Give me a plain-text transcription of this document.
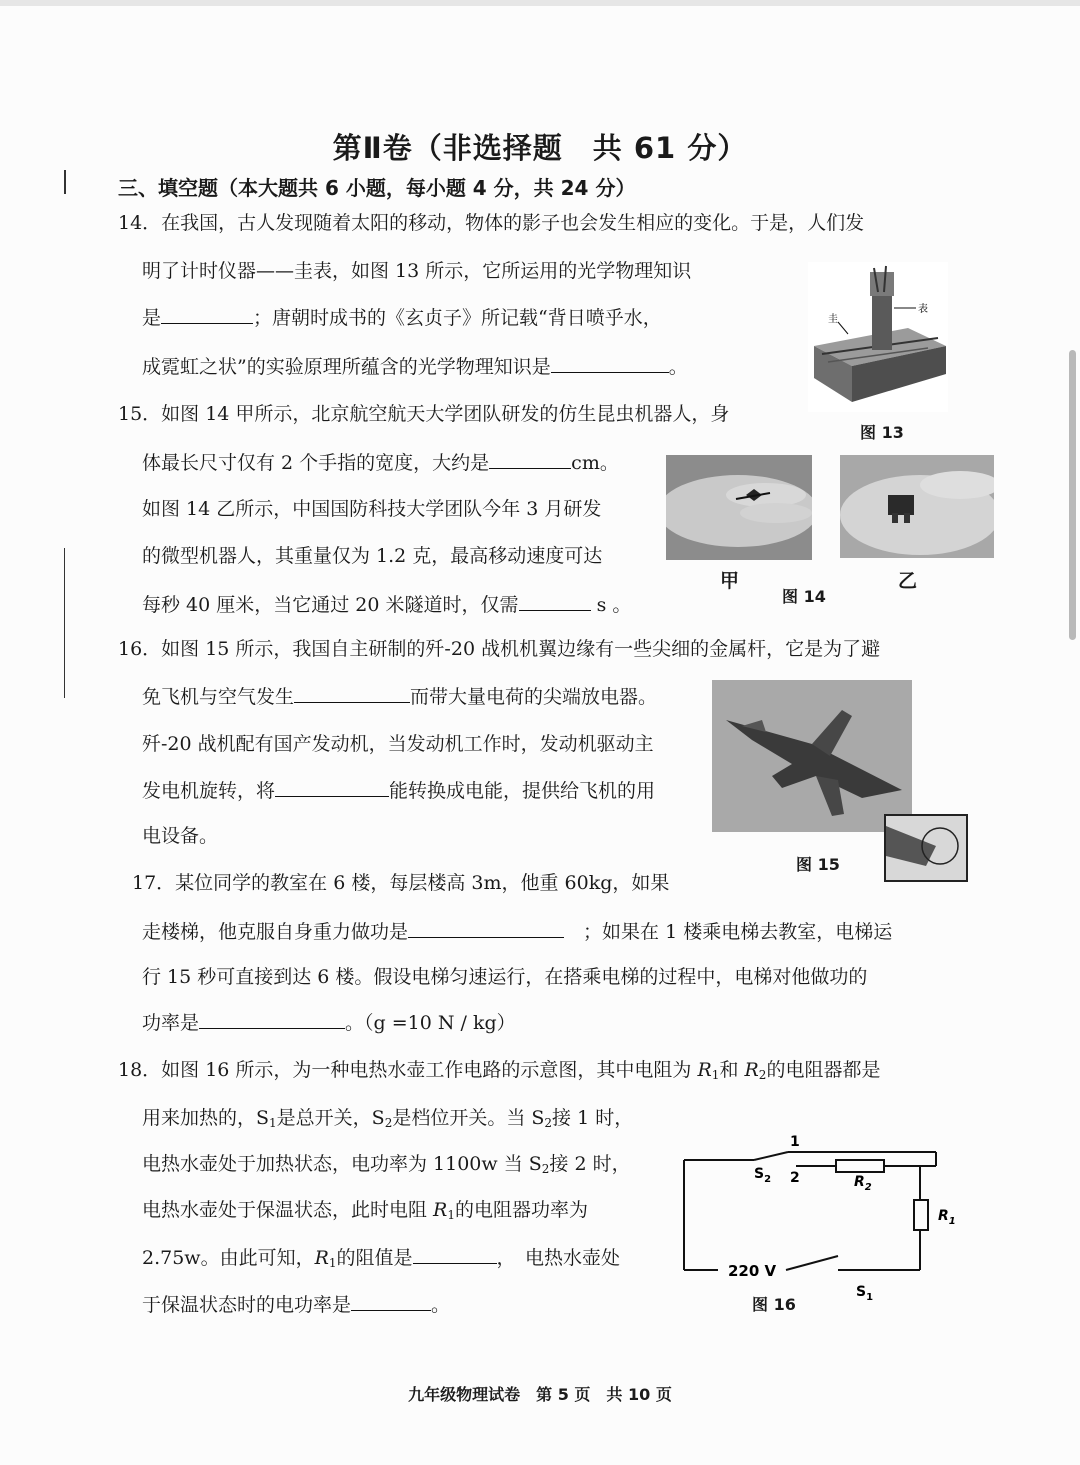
第Ⅱ卷（非选择题　共 61 分）
三、填空题（本大题共 6 小题，每小题 4 分，共 24 分）
14．在我国，古人发现随着太阳的移动，物体的影子也会发生相应的变化。于是，人们发
明了计时仪器——圭表，如图 13 所示，它所运用的光学物理知识
是	；唐朝时成书的《玄贞子》所记载“背日喷乎水，
成霓虹之状”的实验原理所蕴含的光学物理知识是	。
表
圭
图 13
15．如图 14 甲所示，北京航空航天大学团队研发的仿生昆虫机器人，身
体最长尺寸仅有 2 个手指的宽度，大约是	cm。
如图 14 乙所示，中国国防科技大学团队今年 3 月研发
的微型机器人，其重量仅为 1.2 克，最高移动速度可达
每秒 40 厘米，当它通过 20 米隧道时，仅需	s 。
甲	乙
图 14
16．如图 15 所示，我国自主研制的歼-20 战机机翼边缘有一些尖细的金属杆，它是为了避
免飞机与空气发生	而带大量电荷的尖端放电器。
歼-20 战机配有国产发动机，当发动机工作时，发动机驱动主
发电机旋转，将	能转换成电能，提供给飞机的用
电设备。
图 15
17．某位同学的教室在 6 楼，每层楼高 3m，他重 60kg，如果
走楼梯，他克服自身重力做功是　	；如果在 1 楼乘电梯去教室，电梯运
行 15 秒可直接到达 6 楼。假设电梯匀速运行，在搭乘电梯的过程中，电梯对他做功的
功率是	。（g =10 N / kg）
18．如图 16 所示，为一种电热水壶工作电路的示意图，其中电阻为 $R_1$和 $R_2$的电阻器都是
用来加热的，$S_1$是总开关，$S_2$是档位开关。当 $S_2$接 1 时，
电热水壶处于加热状态，电功率为 1100w 当 $S_2$接 2 时，
电热水壶处于保温状态，此时电阻 $R_1$的电阻器功率为
2.75w。由此可知，$R_1$的阻值是	，　电热水壶处
于保温状态时的电功率是	。
1
2
$S_2$	$R_2$
$R_1$
220 V
$S_1$
图 16
九年级物理试卷　第 5 页　共 10 页
